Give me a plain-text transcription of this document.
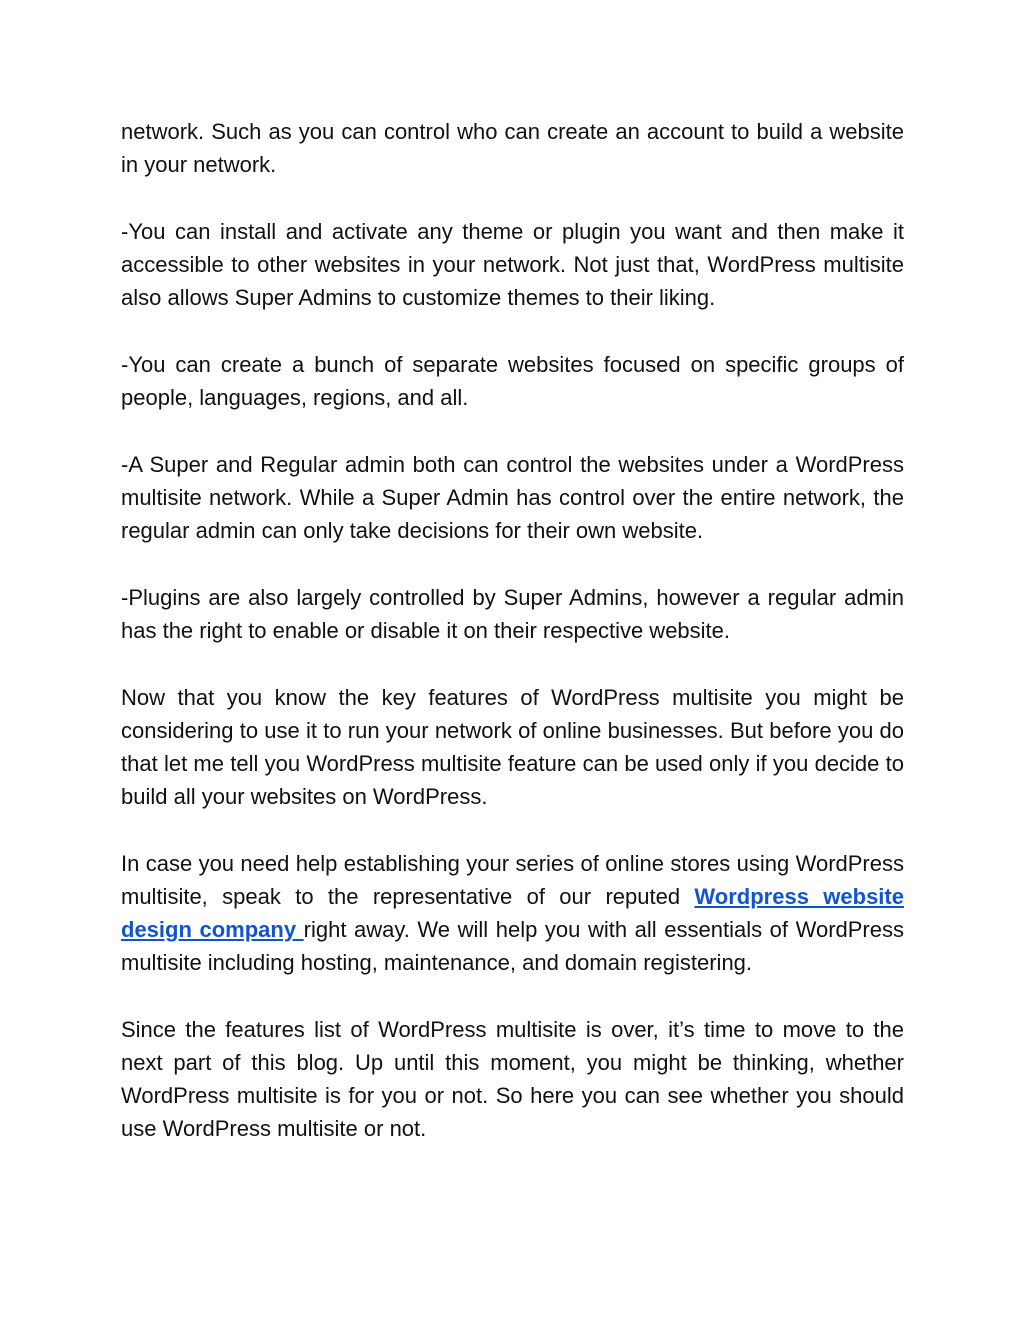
network. Such as you can control who can create an account to build a website in your network.

-You can install and activate any theme or plugin you want and then make it accessible to other websites in your network. Not just that, WordPress multisite also allows Super Admins to customize themes to their liking.

-You can create a bunch of separate websites focused on specific groups of people, languages, regions, and all.

-A Super and Regular admin both can control the websites under a WordPress multisite network. While a Super Admin has control over the entire network, the regular admin can only take decisions for their own website.

-Plugins are also largely controlled by Super Admins, however a regular admin has the right to enable or disable it on their respective website.

Now that you know the key features of WordPress multisite you might be considering to use it to run your network of online businesses. But before you do that let me tell you WordPress multisite feature can be used only if you decide to build all your websites on WordPress.

In case you need help establishing your series of online stores using WordPress multisite, speak to the representative of our reputed Wordpress website design company right away. We will help you with all essentials of WordPress multisite including hosting, maintenance, and domain registering.

Since the features list of WordPress multisite is over, it’s time to move to the next part of this blog. Up until this moment, you might be thinking, whether WordPress multisite is for you or not. So here you can see whether you should use WordPress multisite or not.
